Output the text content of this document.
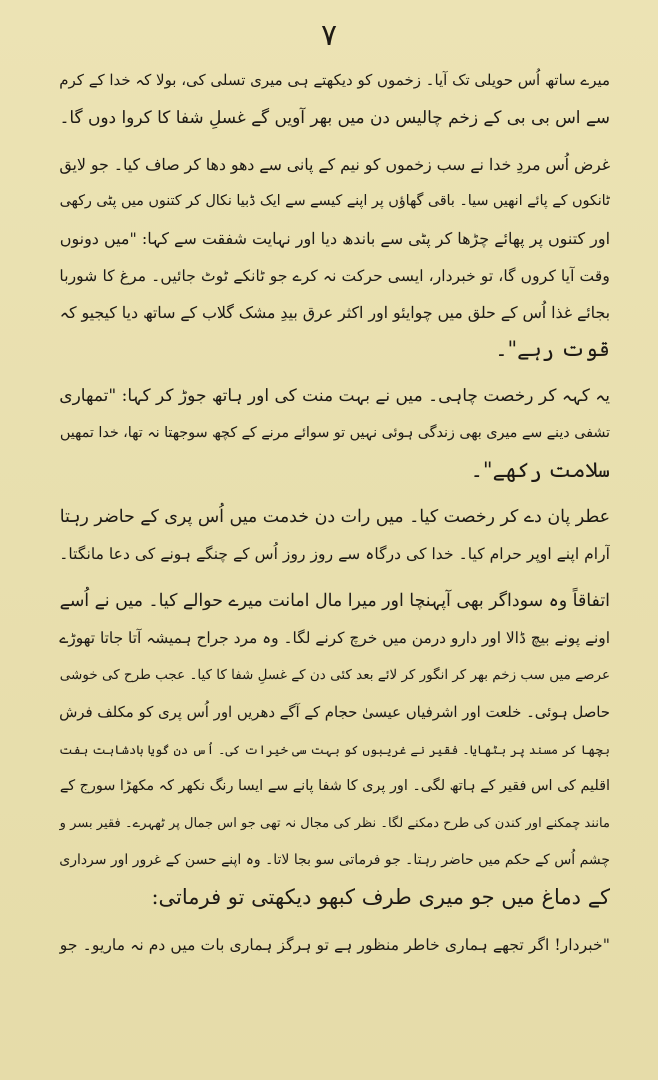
۷

میرے ساتھ اُس حویلی تک آیا۔ زخموں کو دیکھتے ہی میری تسلی کی، بولا کہ خدا کے کرم
سے اس بی بی کے زخم چالیس دن میں بھر آویں گے غسلِ شفا کا کروا دوں گا۔

غرض اُس مردِ خدا نے سب زخموں کو نیم کے پانی سے دھو دھا کر صاف کیا۔ جو لایق
ٹانکوں کے پائے انھیں سیا۔ باقی گھاؤں پر اپنے کیسے سے ایک ڈبیا نکال کر کتنوں میں پٹی رکھی
اور کتنوں پر پھائے چڑھا کر پٹی سے باندھ دیا اور نہایت شفقت سے کہا: "میں دونوں
وقت آیا کروں گا، تو خبردار، ایسی حرکت نہ کرے جو ٹانکے ٹوٹ جائیں۔ مرغ کا شوربا
بجائے غذا اُس کے حلق میں چوایئو اور اکثر عرق بیدِ مشک گلاب کے ساتھ دیا کیجیو کہ
قوت رہے"۔

یہ کہہ کر رخصت چاہی۔ میں نے بہت منت کی اور ہاتھ جوڑ کر کہا: "تمھاری
تشفی دینے سے میری بھی زندگی ہوئی نہیں تو سوائے مرنے کے کچھ سوجھتا نہ تھا، خدا تمھیں
سلامت رکھے"۔

عطر پان دے کر رخصت کیا۔ میں رات دن خدمت میں اُس پری کے حاضر رہتا
آرام اپنے اوپر حرام کیا۔ خدا کی درگاہ سے روز روز اُس کے چنگے ہونے کی دعا مانگتا۔

اتفاقاً وہ سوداگر بھی آپہنچا اور میرا مال امانت میرے حوالے کیا۔ میں نے اُسے
اونے پونے بیچ ڈالا اور دارو درمن میں خرچ کرنے لگا۔ وہ مرد جراح ہمیشہ آتا جاتا تھوڑے
عرصے میں سب زخم بھر کر انگور کر لائے بعد کئی دن کے غسلِ شفا کا کیا۔ عجب طرح کی خوشی
حاصل ہوئی۔ خلعت اور اشرفیاں عیسیٰ حجام کے آگے دھریں اور اُس پری کو مکلف فرش
بچھا کر مسند پر بٹھایا۔ فقیر نے غریبوں کو بہت سی خیرات کی۔ اُس دن گویا بادشاہت ہفت
اقلیم کی اس فقیر کے ہاتھ لگی۔ اور پری کا شفا پانے سے ایسا رنگ نکھر کہ مکھڑا سورج کے
مانند چمکنے اور کندن کی طرح دمکنے لگا۔ نظر کی مجال نہ تھی جو اس جمال پر ٹھہرے۔ فقیر بسر و
چشم اُس کے حکم میں حاضر رہتا۔ جو فرماتی سو بجا لاتا۔ وہ اپنے حسن کے غرور اور سرداری
کے دماغ میں جو میری طرف کبھو دیکھتی تو فرماتی:

"خبردار! اگر تجھے ہماری خاطر منظور ہے تو ہرگز ہماری بات میں دم نہ ماریو۔ جو
